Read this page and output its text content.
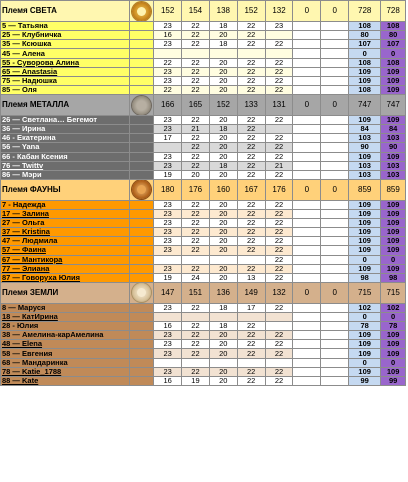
Племя СВЕТА		152	154	138	152	132	0	0	728	728
5 — Татьяна		23	22	18	22	23			108	108
25 — Клубничка		16	22	20	22				80	80
35 — Ксюшка		23	22	18	22	22			107	107
45 — Алена									0	0
55 - Суворова Алина		22	22	20	22	22			108	108
65 — Anastasia		23	22	20	22	22			109	109
75 — Надюшка		23	22	20	22	22			109	109
85 — Оля		22	22	20	22	22			108	109
Племя МЕТАЛЛА		166	165	152	133	131	0	0	747	747
26 — Светлана… Бегемот		23	22	20	22	22			109	109
36 — Ирина		23	21	18	22				84	84
46 - Екатерина		17	22	20	22	22			103	103
56 — Yana			22	20	22	22			90	90
66 - Кабан Ксения		23	22	20	22	22			109	109
76 — Twittv		23	22	18	22	21			103	103
86 — Мэри		19	20	20	22	22			103	103
Племя ФАУНЫ		180	176	160	167	176	0	0	859	859
7 - Надежда		23	22	20	22	22			109	109
17 — Залина		23	22	20	22	22			109	109
27 — Ольга		23	22	20	22	22			109	109
37 — Kristina		23	22	20	22	22			109	109
47 — Людмила		23	22	20	22	22			109	109
57 — Фаина		23	22	20	22	22			109	109
67 — Мантикора						22			0	0
77 — Элиана		23	22	20	22	22			109	109
87 — Говоруха Юлия		19	24	20	13	22			98	98
Племя ЗЕМЛИ		147	151	136	149	132	0	0	715	715
8 — Маруся		23	22	18	17	22			102	102
18 — КатИрина									0	0
28 - Юлия		16	22	18	22				78	78
38 — Амелина-карАмелина		23	22	20	22	22			109	109
48 — Elena		23	22	20	22	22			109	109
58 — Евгения		23	22	20	22	22			109	109
68 — Мандаринка									0	0
78 — Katie_1788		23	22	20	22	22			109	109
88 — Kate		16	19	20	22	22			99	99
